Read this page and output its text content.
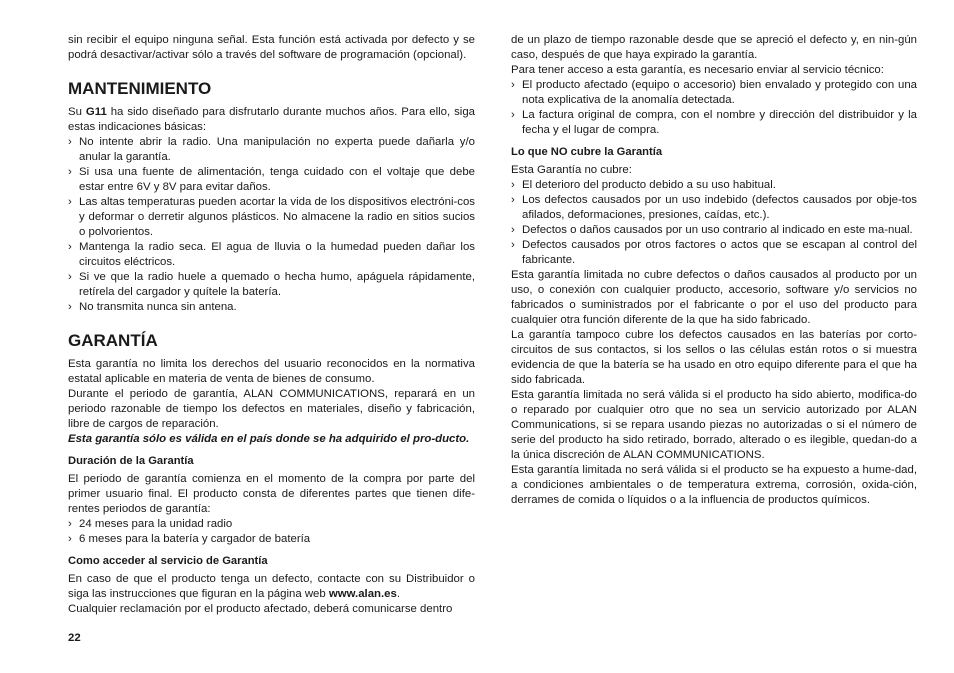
sin recibir el equipo ninguna señal. Esta función está activada por defecto y se podrá desactivar/activar sólo a través del software de programación (opcional).

MANTENIMIENTO

Su G11 ha sido diseñado para disfrutarlo durante muchos años. Para ello, siga estas indicaciones básicas:

› No intente abrir la radio. Una manipulación no experta puede dañarla y/o anular la garantía.
› Si usa una fuente de alimentación, tenga cuidado con el voltaje que debe estar entre 6V y 8V para evitar daños.
› Las altas temperaturas pueden acortar la vida de los dispositivos electróni-cos y deformar o derretir algunos plásticos. No almacene la radio en sitios sucios o polvorientos.
› Mantenga la radio seca. El agua de lluvia o la humedad pueden dañar los circuitos eléctricos.
› Si ve que la radio huele a quemado o hecha humo, apáguela rápidamente, retírela del cargador y quítele la batería.
› No transmita nunca sin antena.
GARANTÍA

Esta garantía no limita los derechos del usuario reconocidos en la normativa estatal aplicable en materia de venta de bienes de consumo.

Durante el periodo de garantía, ALAN COMMUNICATIONS, reparará en un periodo razonable de tiempo los defectos en materiales, diseño y fabricación, libre de cargos de reparación.

Esta garantía sólo es válida en el país donde se ha adquirido el pro-ducto.

Duración de la Garantía

El periodo de garantía comienza en el momento de la compra por parte del primer usuario final. El producto consta de diferentes partes que tienen dife-rentes periodos de garantía:

› 24 meses para la unidad radio
› 6 meses para la batería y cargador de batería
Como acceder al servicio de Garantía

En caso de que el producto tenga un defecto, contacte con su Distribuidor o siga las instrucciones que figuran en la página web www.alan.es.

Cualquier reclamación por el producto afectado, deberá comunicarse dentro

22

de un plazo de tiempo razonable desde que se apreció el defecto y, en nin-gún caso, después de que haya expirado la garantía.

Para tener acceso a esta garantía, es necesario enviar al servicio técnico:

› El producto afectado (equipo o accesorio) bien envalado y protegido con una nota explicativa de la anomalía detectada.
› La factura original de compra, con el nombre y dirección del distribuidor y la fecha y el lugar de compra.
Lo que NO cubre la Garantía

Esta Garantía no cubre:

› El deterioro del producto debido a su uso habitual.
› Los defectos causados por un uso indebido (defectos causados por obje-tos afilados, deformaciones, presiones, caídas, etc.).
› Defectos o daños causados por un uso contrario al indicado en este ma-nual.
› Defectos causados por otros factores o actos que se escapan al control del fabricante.

Esta garantía limitada no cubre defectos o daños causados al producto por un uso, o conexión con cualquier producto, accesorio, software y/o servicios no fabricados o suministrados por el fabricante o por el uso del producto para cualquier otra función diferente de la que ha sido fabricado.

La garantía tampoco cubre los defectos causados en las baterías por corto-circuitos de sus contactos, si los sellos o las células están rotos o si muestra evidencia de que la batería se ha usado en otro equipo diferente para el que ha sido fabricada.

Esta garantía limitada no será válida si el producto ha sido abierto, modifica-do o reparado por cualquier otro que no sea un servicio autorizado por ALAN Communications, si se repara usando piezas no autorizadas o si el número de serie del producto ha sido retirado, borrado, alterado o es ilegible, quedan-do a la única discreción de ALAN COMMUNICATIONS.

Esta garantía limitada no será válida si el producto se ha expuesto a hume-dad, a condiciones ambientales o de temperatura extrema, corrosión, oxida-ción, derrames de comida o líquidos o a la influencia de productos químicos.
